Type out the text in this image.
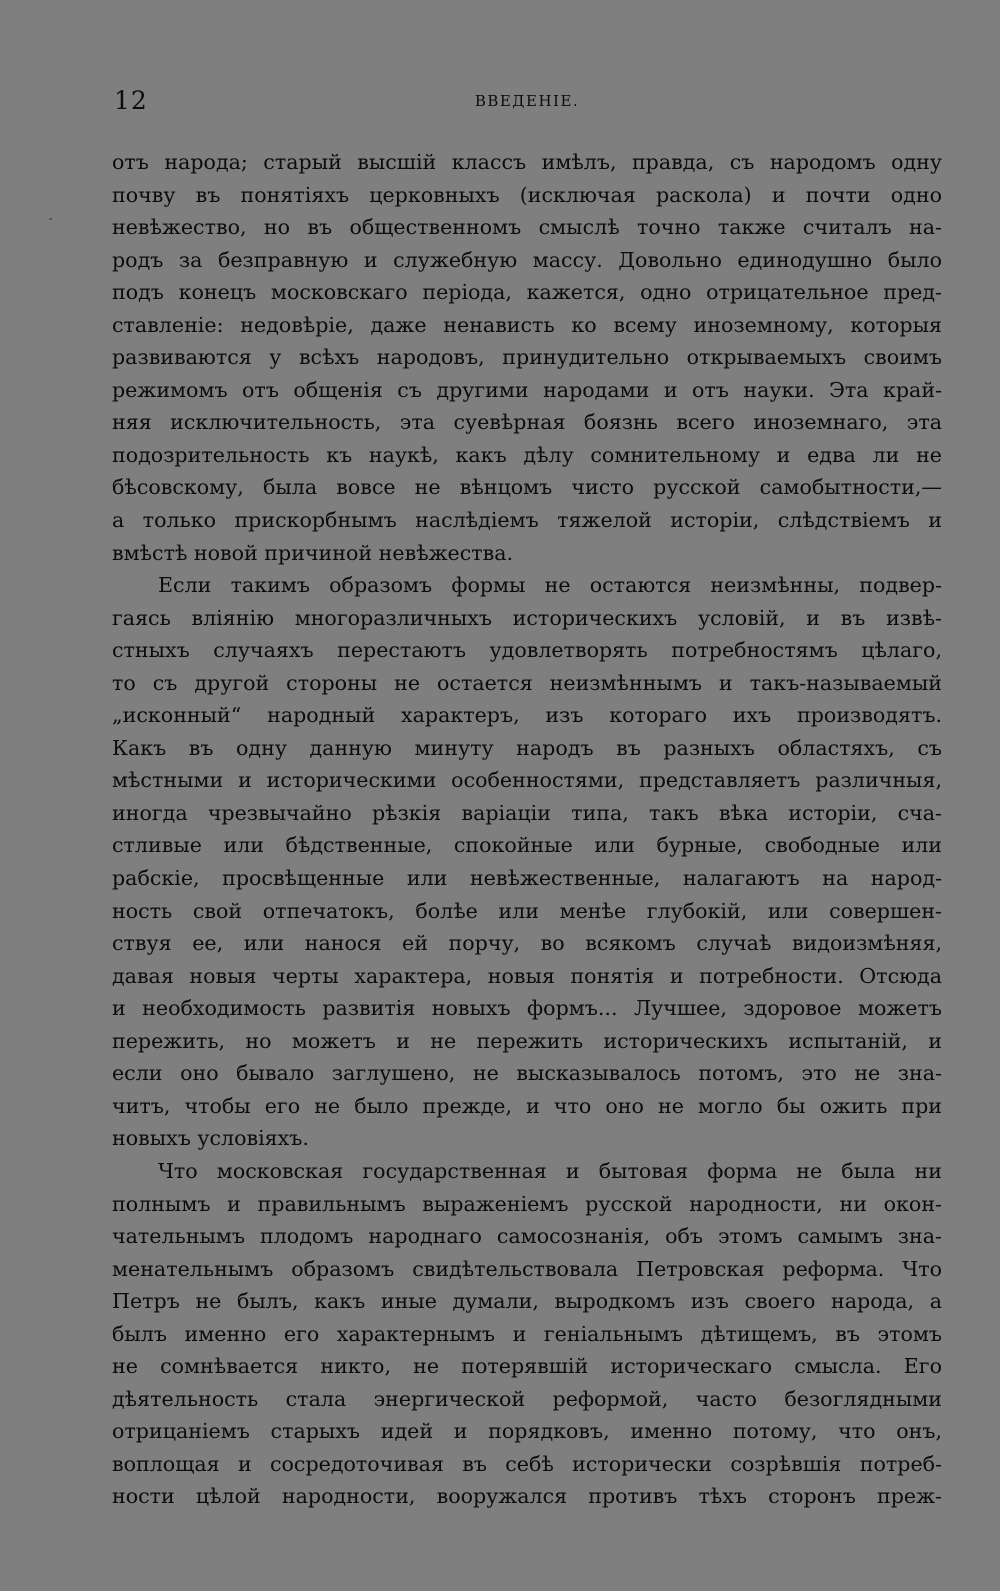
12	ВВЕДЕНІЕ.
отъ народа; старый высшій классъ имѣлъ, правда, съ народомъ одну
почву въ понятіяхъ церковныхъ (исключая раскола) и почти одно
невѣжество, но въ общественномъ смыслѣ точно также считалъ на-
родъ за безправную и служебную массу. Довольно единодушно было
подъ конецъ московскаго періода, кажется, одно отрицательное пред-
ставленіе: недовѣріе, даже ненависть ко всему иноземному, которыя
развиваются у всѣхъ народовъ, принудительно открываемыхъ своимъ
режимомъ отъ общенія съ другими народами и отъ науки. Эта край-
няя исключительность, эта суевѣрная боязнь всего иноземнаго, эта
подозрительность къ наукѣ, какъ дѣлу сомнительному и едва ли не
бѣсовскому, была вовсе не вѣнцомъ чисто русской самобытности,—
а только прискорбнымъ наслѣдіемъ тяжелой исторіи, слѣдствіемъ и
вмѣстѣ новой причиной невѣжества.
Если такимъ образомъ формы не остаются неизмѣнны, подвер-
гаясь вліянію многоразличныхъ историческихъ условій, и въ извѣ-
стныхъ случаяхъ перестаютъ удовлетворять потребностямъ цѣлаго,
то съ другой стороны не остается неизмѣннымъ и такъ-называемый
„исконный“ народный характеръ, изъ котораго ихъ производятъ.
Какъ въ одну данную минуту народъ въ разныхъ областяхъ, съ
мѣстными и историческими особенностями, представляетъ различныя,
иногда чрезвычайно рѣзкія варіаціи типа, такъ вѣка исторіи, сча-
стливые или бѣдственные, спокойные или бурные, свободные или
рабскіе, просвѣщенные или невѣжественные, налагаютъ на народ-
ность свой отпечатокъ, болѣе или менѣе глубокій, или совершен-
ствуя ее, или нанося ей порчу, во всякомъ случаѣ видоизмѣняя,
давая новыя черты характера, новыя понятія и потребности. Отсюда
и необходимость развитія новыхъ формъ... Лучшее, здоровое можетъ
пережить, но можетъ и не пережить историческихъ испытаній, и
если оно бывало заглушено, не высказывалось потомъ, это не зна-
читъ, чтобы его не было прежде, и что оно не могло бы ожить при
новыхъ условіяхъ.
Что московская государственная и бытовая форма не была ни
полнымъ и правильнымъ выраженіемъ русской народности, ни окон-
чательнымъ плодомъ народнаго самосознанія, объ этомъ самымъ зна-
менательнымъ образомъ свидѣтельствовала Петровская реформа. Что
Петръ не былъ, какъ иные думали, выродкомъ изъ своего народа, а
былъ именно его характернымъ и геніальнымъ дѣтищемъ, въ этомъ
не сомнѣвается никто, не потерявшій историческаго смысла. Его
дѣятельность стала энергической реформой, часто безоглядными
отрицаніемъ старыхъ идей и порядковъ, именно потому, что онъ,
воплощая и сосредоточивая въ себѣ исторически созрѣвшія потреб-
ности цѣлой народности, вооружался противъ тѣхъ сторонъ преж-
